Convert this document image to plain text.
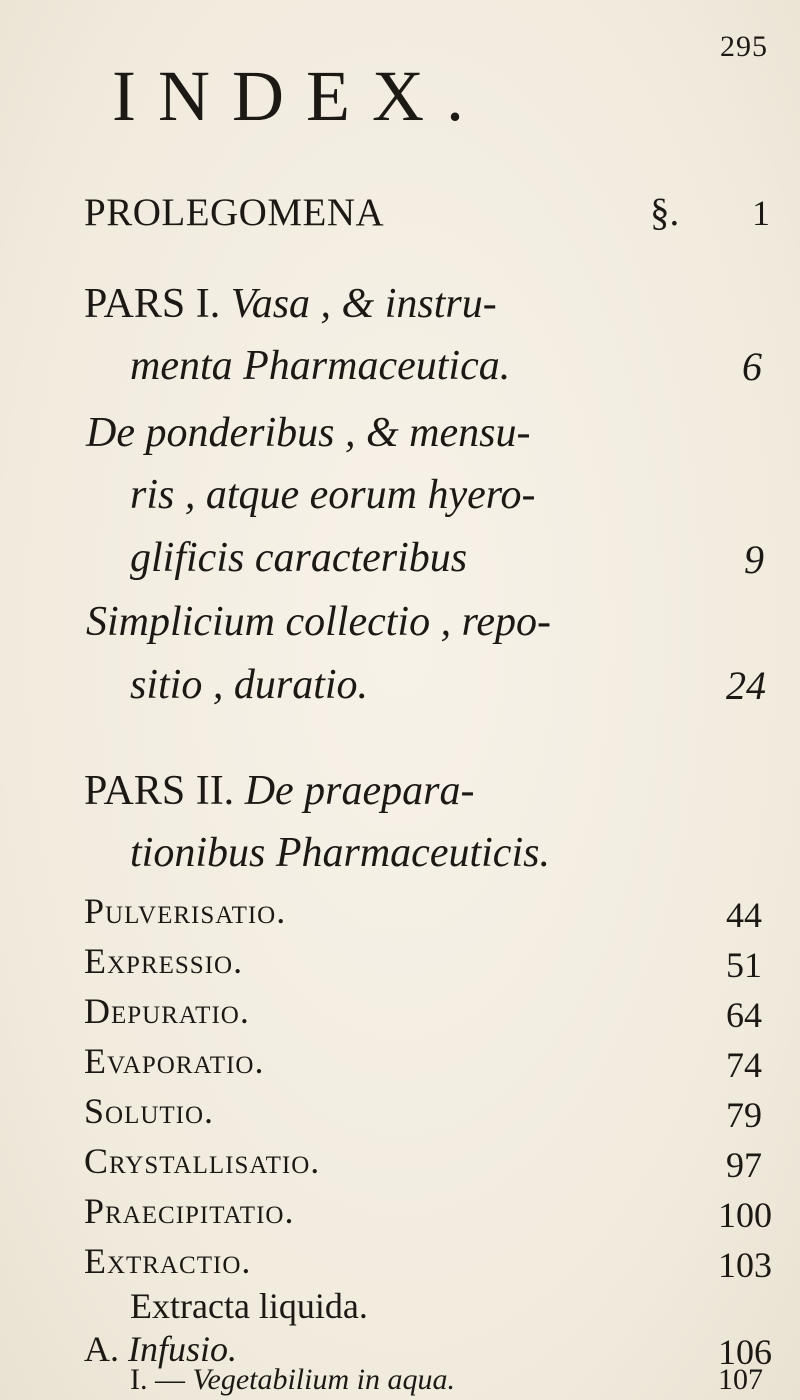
295
INDEX.
PROLEGOMENA	§. 1
PARS I. Vasa , & instru-
menta Pharmaceutica.	6
De ponderibus , & mensu-
ris , atque eorum hyero-
glificis caracteribus	9
Simplicium collectio , repo-
sitio , duratio.	24
PARS II. De praepara-
tionibus Pharmaceuticis.
Pulverisatio.	44
Expressio.	51
Depuratio.	64
Evaporatio.	74
Solutio.	79
Crystallisatio.	97
Praecipitatio.	100
Extractio.	103
Extracta liquida.
A. Infusio.	106
I. — Vegetabilium in aqua.	107
